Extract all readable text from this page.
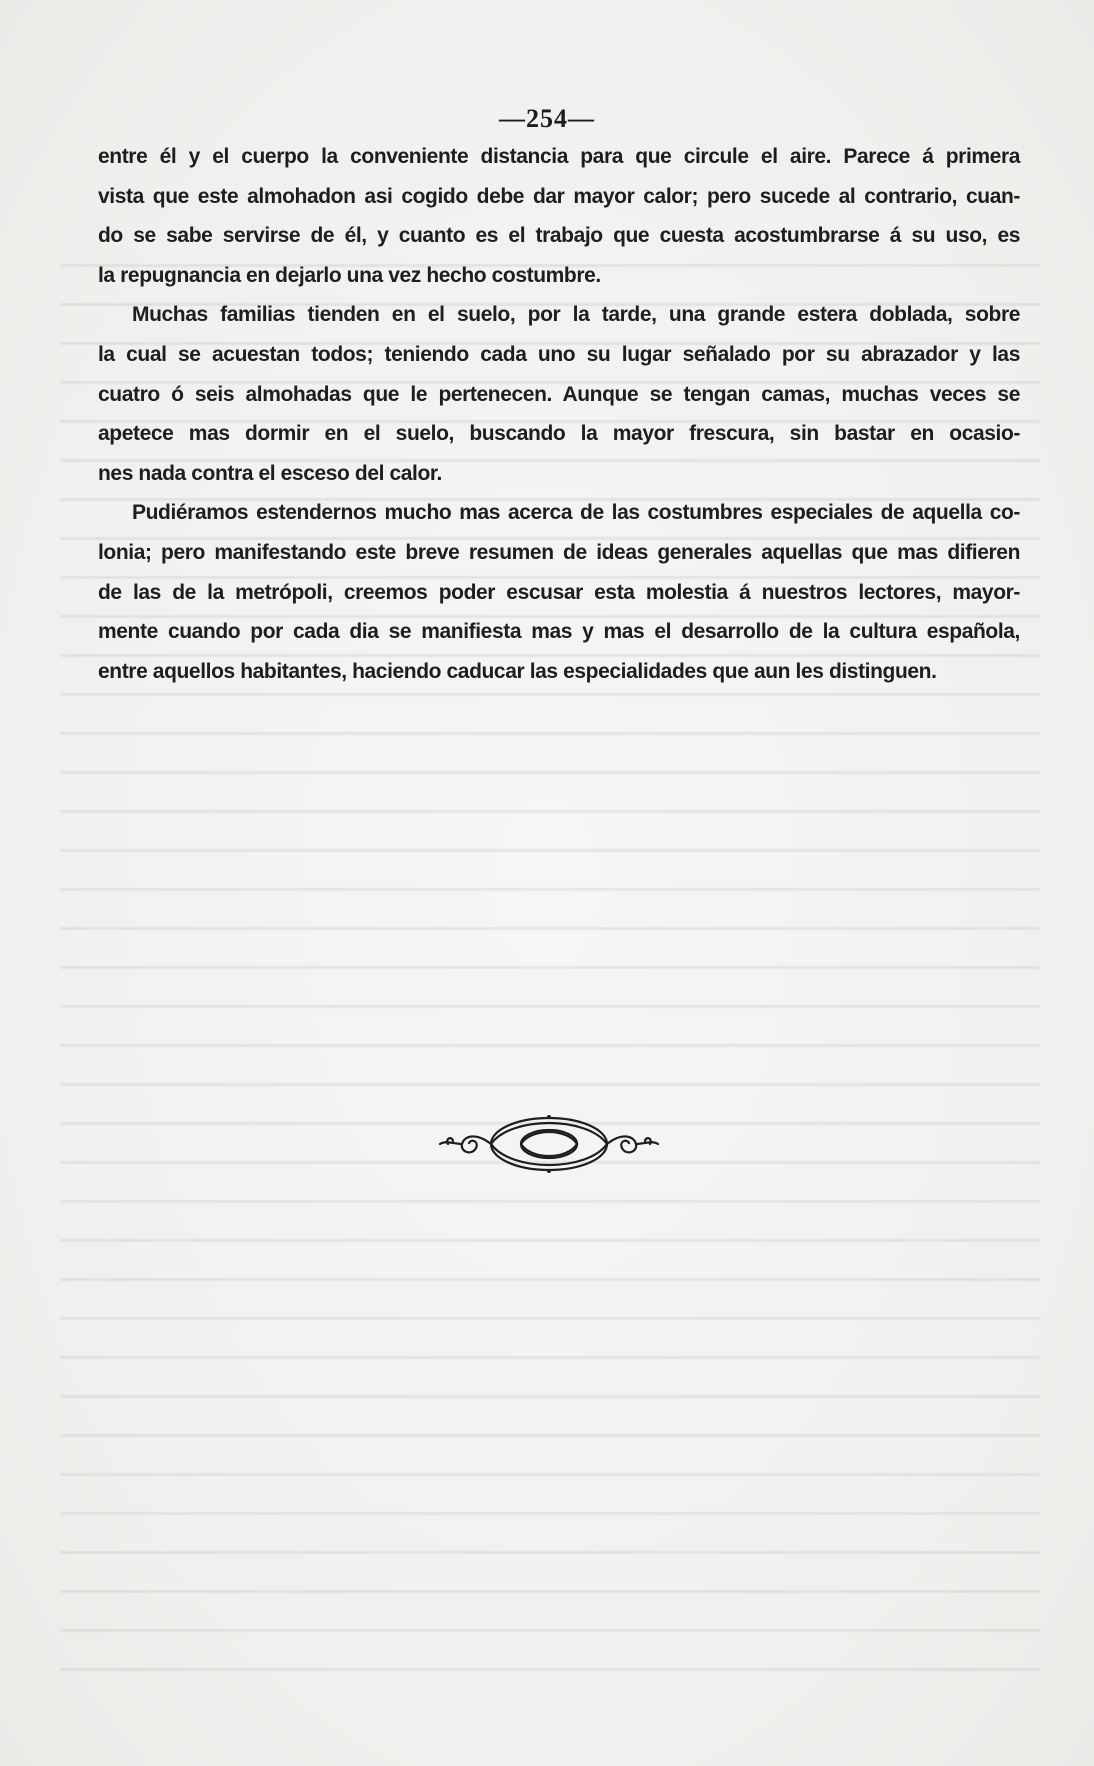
—254—
entre él y el cuerpo la conveniente distancia para que circule el aire. Parece á primera
vista que este almohadon asi cogido debe dar mayor calor; pero sucede al contrario, cuan-
do se sabe servirse de él, y cuanto es el trabajo que cuesta acostumbrarse á su uso, es
la repugnancia en dejarlo una vez hecho costumbre.
Muchas familias tienden en el suelo, por la tarde, una grande estera doblada, sobre
la cual se acuestan todos; teniendo cada uno su lugar señalado por su abrazador y las
cuatro ó seis almohadas que le pertenecen. Aunque se tengan camas, muchas veces se
apetece mas dormir en el suelo, buscando la mayor frescura, sin bastar en ocasio-
nes nada contra el esceso del calor.
Pudiéramos estendernos mucho mas acerca de las costumbres especiales de aquella co-
lonia; pero manifestando este breve resumen de ideas generales aquellas que mas difieren
de las de la metrópoli, creemos poder escusar esta molestia á nuestros lectores, mayor-
mente cuando por cada dia se manifiesta mas y mas el desarrollo de la cultura española,
entre aquellos habitantes, haciendo caducar las especialidades que aun les distinguen.
